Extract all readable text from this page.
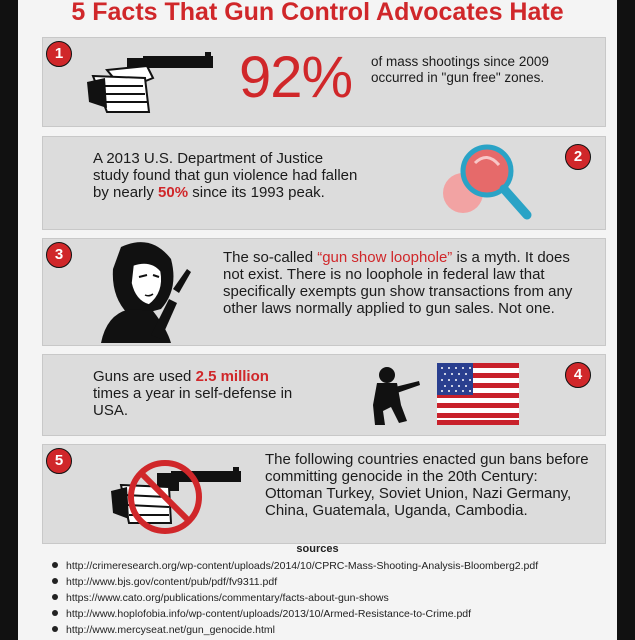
5 Facts That Gun Control Advocates Hate
1	92% of mass shootings since 2009 occurred in "gun free" zones.
A 2013 U.S. Department of Justice study found that gun violence had fallen by nearly 50% since its 1993 peak.
2
3	The so-called “gun show loophole” is a myth. It does not exist. There is no loophole in federal law that specifically exempts gun show transactions from any other laws normally applied to gun sales. Not one.
Guns are used 2.5 million times a year in self-defense in USA.
4
5	The following countries enacted gun bans before committing genocide in the 20th Century: Ottoman Turkey, Soviet Union, Nazi Germany, China, Guatemala, Uganda, Cambodia.
sources
http://crimeresearch.org/wp-content/uploads/2014/10/CPRC-Mass-Shooting-Analysis-Bloomberg2.pdf
http://www.bjs.gov/content/pub/pdf/fv9311.pdf
https://www.cato.org/publications/commentary/facts-about-gun-shows
http://www.hoplofobia.info/wp-content/uploads/2013/10/Armed-Resistance-to-Crime.pdf
http://www.mercyseat.net/gun_genocide.html
